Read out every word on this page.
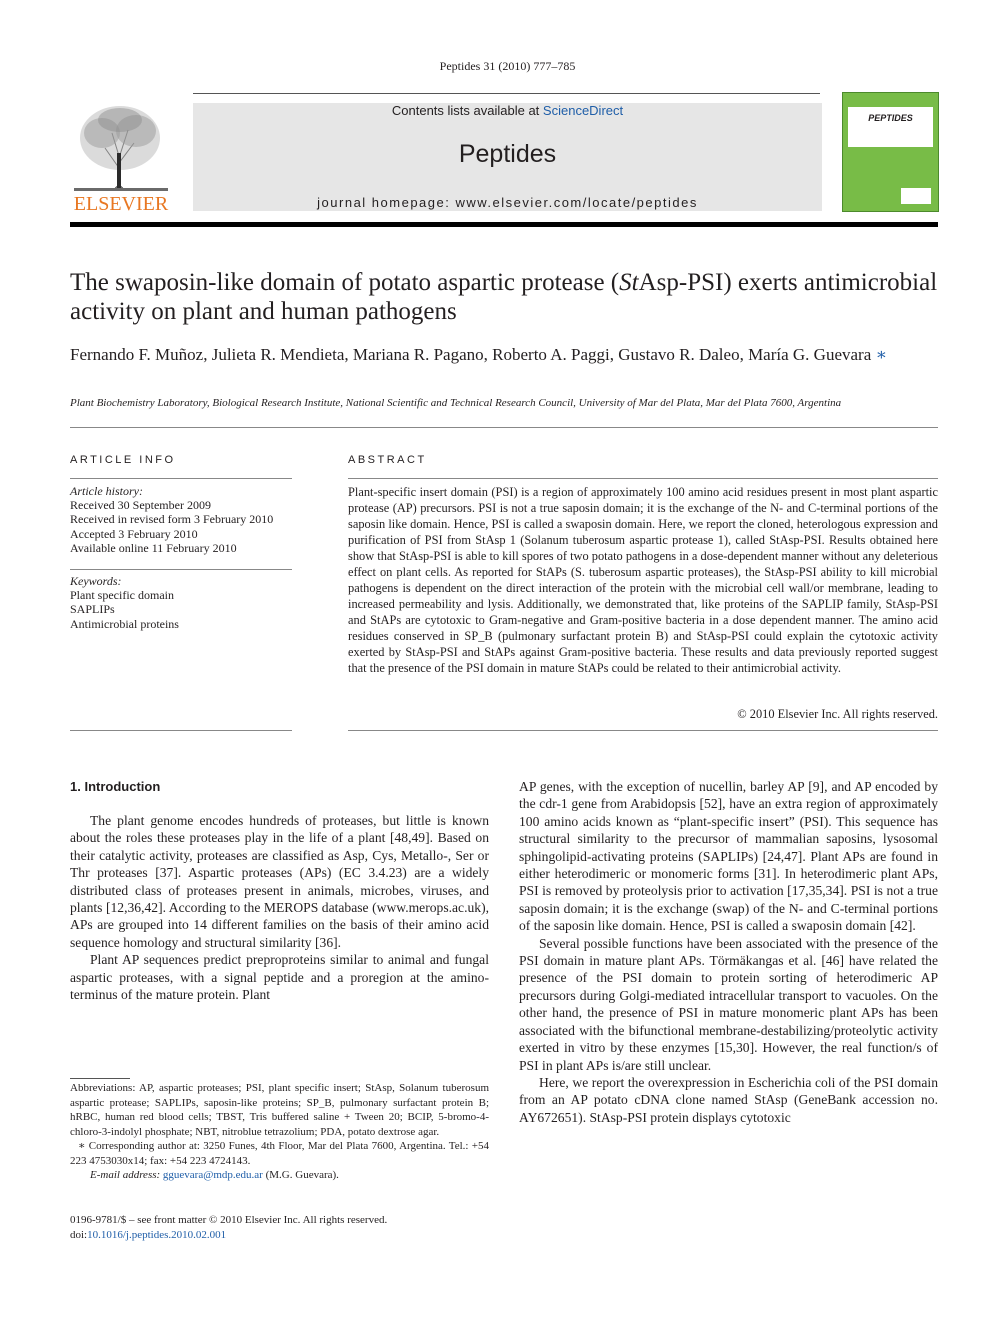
Peptides 31 (2010) 777–785
ELSEVIER
Contents lists available at ScienceDirect
Peptides
journal homepage: www.elsevier.com/locate/peptides
PEPTIDES
The swaposin-like domain of potato aspartic protease (StAsp-PSI) exerts antimicrobial activity on plant and human pathogens
Fernando F. Muñoz, Julieta R. Mendieta, Mariana R. Pagano, Roberto A. Paggi, Gustavo R. Daleo, María G. Guevara ∗
Plant Biochemistry Laboratory, Biological Research Institute, National Scientific and Technical Research Council, University of Mar del Plata, Mar del Plata 7600, Argentina
ARTICLE INFO	ABSTRACT
Article history:
Received 30 September 2009
Received in revised form 3 February 2010
Accepted 3 February 2010
Available online 11 February 2010
Keywords:
Plant specific domain
SAPLIPs
Antimicrobial proteins
Plant-specific insert domain (PSI) is a region of approximately 100 amino acid residues present in most plant aspartic protease (AP) precursors. PSI is not a true saposin domain; it is the exchange of the N- and C-terminal portions of the saposin like domain. Hence, PSI is called a swaposin domain. Here, we report the cloned, heterologous expression and purification of PSI from StAsp 1 (Solanum tuberosum aspartic protease 1), called StAsp-PSI. Results obtained here show that StAsp-PSI is able to kill spores of two potato pathogens in a dose-dependent manner without any deleterious effect on plant cells. As reported for StAPs (S. tuberosum aspartic proteases), the StAsp-PSI ability to kill microbial pathogens is dependent on the direct interaction of the protein with the microbial cell wall/or membrane, leading to increased permeability and lysis. Additionally, we demonstrated that, like proteins of the SAPLIP family, StAsp-PSI and StAPs are cytotoxic to Gram-negative and Gram-positive bacteria in a dose dependent manner. The amino acid residues conserved in SP_B (pulmonary surfactant protein B) and StAsp-PSI could explain the cytotoxic activity exerted by StAsp-PSI and StAPs against Gram-positive bacteria. These results and data previously reported suggest that the presence of the PSI domain in mature StAPs could be related to their antimicrobial activity.
© 2010 Elsevier Inc. All rights reserved.
1. Introduction

The plant genome encodes hundreds of proteases, but little is known about the roles these proteases play in the life of a plant [48,49]. Based on their catalytic activity, proteases are classified as Asp, Cys, Metallo-, Ser or Thr proteases [37]. Aspartic proteases (APs) (EC 3.4.23) are a widely distributed class of proteases present in animals, microbes, viruses, and plants [12,36,42]. According to the MEROPS database (www.merops.ac.uk), APs are grouped into 14 different families on the basis of their amino acid sequence homology and structural similarity [36].

Plant AP sequences predict preproproteins similar to animal and fungal aspartic proteases, with a signal peptide and a proregion at the amino-terminus of the mature protein. Plant

AP genes, with the exception of nucellin, barley AP [9], and AP encoded by the cdr-1 gene from Arabidopsis [52], have an extra region of approximately 100 amino acids known as “plant-specific insert” (PSI). This sequence has structural similarity to the precursor of mammalian saposins, lysosomal sphingolipid-activating proteins (SAPLIPs) [24,47]. Plant APs are found in either heterodimeric or monomeric forms [31]. In heterodimeric plant APs, PSI is removed by proteolysis prior to activation [17,35,34]. PSI is not a true saposin domain; it is the exchange (swap) of the N- and C-terminal portions of the saposin like domain. Hence, PSI is called a swaposin domain [42].

Several possible functions have been associated with the presence of the PSI domain in mature plant APs. Törmäkangas et al. [46] have related the presence of the PSI domain to protein sorting of heterodimeric AP precursors during Golgi-mediated intracellular transport to vacuoles. On the other hand, the presence of PSI in mature monomeric plant APs has been associated with the bifunctional membrane-destabilizing/proteolytic activity exerted in vitro by these enzymes [15,30]. However, the real function/s of PSI in plant APs is/are still unclear.

Here, we report the overexpression in Escherichia coli of the PSI domain from an AP potato cDNA clone named StAsp (GeneBank accession no. AY672651). StAsp-PSI protein displays cytotoxic

Abbreviations: AP, aspartic proteases; PSI, plant specific insert; StAsp, Solanum tuberosum aspartic protease; SAPLIPs, saposin-like proteins; SP_B, pulmonary surfactant protein B; hRBC, human red blood cells; TBST, Tris buffered saline + Tween 20; BCIP, 5-bromo-4-chloro-3-indolyl phosphate; NBT, nitroblue tetrazolium; PDA, potato dextrose agar.
∗ Corresponding author at: 3250 Funes, 4th Floor, Mar del Plata 7600, Argentina. Tel.: +54 223 4753030x14; fax: +54 223 4724143.
E-mail address: gguevara@mdp.edu.ar (M.G. Guevara).
0196-9781/$ – see front matter © 2010 Elsevier Inc. All rights reserved.
doi:10.1016/j.peptides.2010.02.001
